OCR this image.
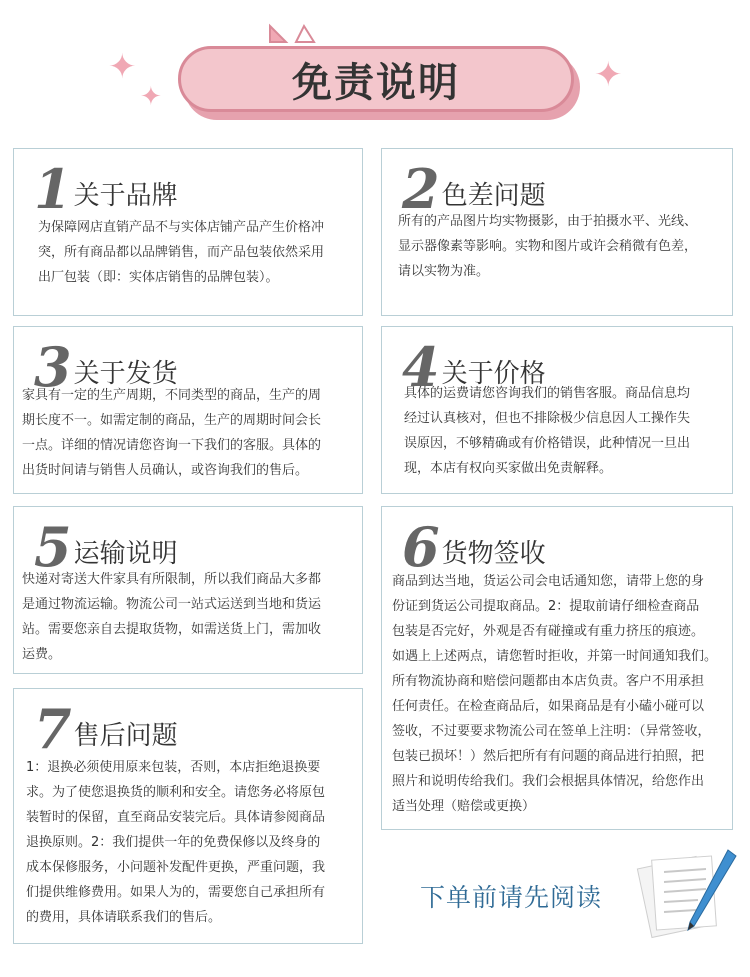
✦
✦
✦
免责说明
1 关于品牌
为保障网店直销产品不与实体店铺产品产生价格冲
突，所有商品都以品牌销售，而产品包装依然采用
出厂包装（即：实体店销售的品牌包装）。
2 色差问题
所有的产品图片均实物摄影，由于拍摄水平、光线、
显示器像素等影响。实物和图片或许会稍微有色差，
请以实物为准。
3 关于发货
家具有一定的生产周期，不同类型的商品，生产的周
期长度不一。如需定制的商品，生产的周期时间会长
一点。详细的情况请您咨询一下我们的客服。具体的
出货时间请与销售人员确认，或咨询我们的售后。
4 关于价格
具体的运费请您咨询我们的销售客服。商品信息均
经过认真核对，但也不排除极少信息因人工操作失
误原因，不够精确或有价格错误，此种情况一旦出
现，本店有权向买家做出免责解释。
5 运输说明
快递对寄送大件家具有所限制，所以我们商品大多都
是通过物流运输。物流公司一站式运送到当地和货运
站。需要您亲自去提取货物，如需送货上门，需加收
运费。
6 货物签收
商品到达当地，货运公司会电话通知您，请带上您的身
份证到货运公司提取商品。2：提取前请仔细检查商品
包装是否完好，外观是否有碰撞或有重力挤压的痕迹。
如遇上上述两点，请您暂时拒收，并第一时间通知我们。
所有物流协商和赔偿问题都由本店负责。客户不用承担
任何责任。在检查商品后，如果商品是有小磕小碰可以
签收，不过要要求物流公司在签单上注明：（异常签收，
包装已损坏！）然后把所有有问题的商品进行拍照，把
照片和说明传给我们。我们会根据具体情况，给您作出
适当处理（赔偿或更换）
7 售后问题
1：退换必须使用原来包装，否则，本店拒绝退换要
求。为了使您退换货的顺利和安全。请您务必将原包
装暂时的保留，直至商品安装完后。具体请参阅商品
退换原则。2：我们提供一年的免费保修以及终身的
成本保修服务，小问题补发配件更换，严重问题，我
们提供维修费用。如果人为的，需要您自己承担所有
的费用，具体请联系我们的售后。
下单前请先阅读
